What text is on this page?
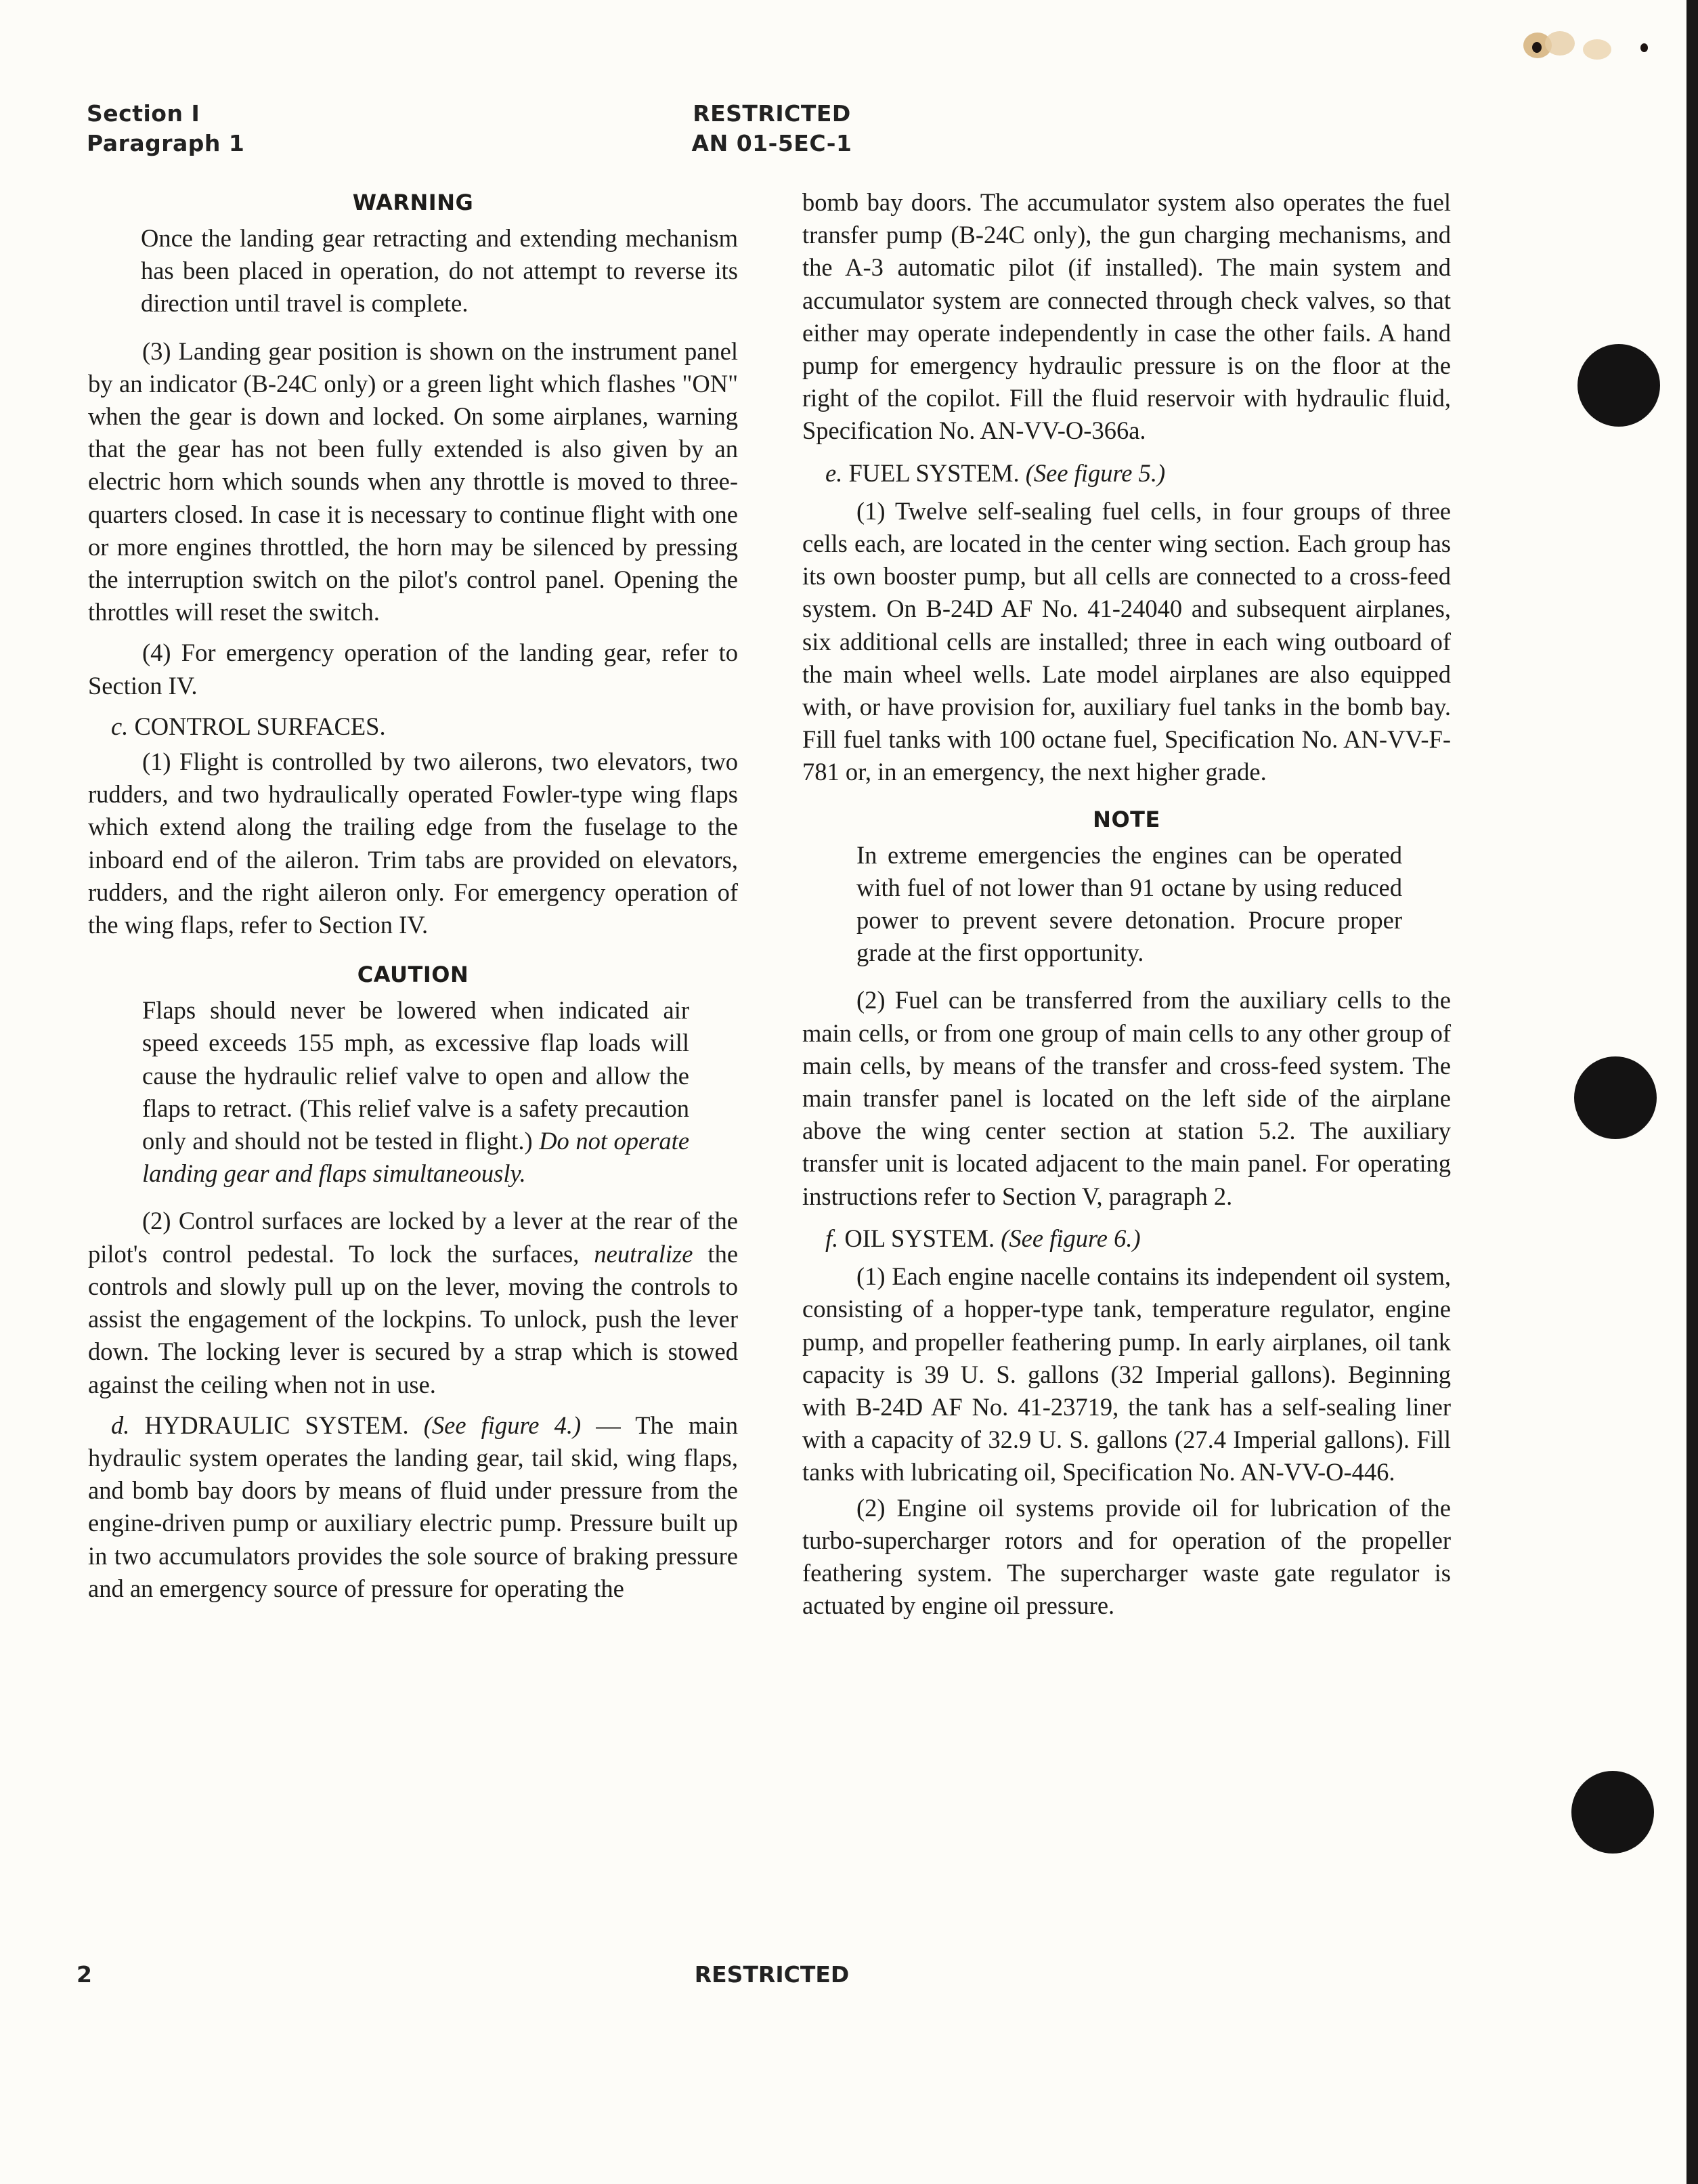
Section I
Paragraph 1
RESTRICTED
AN 01-5EC-1
WARNING

Once the landing gear retracting and extending mechanism has been placed in operation, do not attempt to reverse its direction until travel is complete.

(3) Landing gear position is shown on the instrument panel by an indicator (B-24C only) or a green light which flashes "ON" when the gear is down and locked. On some airplanes, warning that the gear has not been fully extended is also given by an electric horn which sounds when any throttle is moved to three-quarters closed. In case it is necessary to continue flight with one or more engines throttled, the horn may be silenced by pressing the interruption switch on the pilot's control panel. Opening the throttles will reset the switch.

(4) For emergency operation of the landing gear, refer to Section IV.

c. CONTROL SURFACES.

(1) Flight is controlled by two ailerons, two elevators, two rudders, and two hydraulically operated Fowler-type wing flaps which extend along the trailing edge from the fuselage to the inboard end of the aileron. Trim tabs are provided on elevators, rudders, and the right aileron only. For emergency operation of the wing flaps, refer to Section IV.

CAUTION

Flaps should never be lowered when indicated air speed exceeds 155 mph, as excessive flap loads will cause the hydraulic relief valve to open and allow the flaps to retract. (This relief valve is a safety precaution only and should not be tested in flight.) Do not operate landing gear and flaps simultaneously.

(2) Control surfaces are locked by a lever at the rear of the pilot's control pedestal. To lock the surfaces, neutralize the controls and slowly pull up on the lever, moving the controls to assist the engagement of the lockpins. To unlock, push the lever down. The locking lever is secured by a strap which is stowed against the ceiling when not in use.

d. HYDRAULIC SYSTEM. (See figure 4.) — The main hydraulic system operates the landing gear, tail skid, wing flaps, and bomb bay doors by means of fluid under pressure from the engine-driven pump or auxiliary electric pump. Pressure built up in two accumulators provides the sole source of braking pressure and an emergency source of pressure for operating the

bomb bay doors. The accumulator system also operates the fuel transfer pump (B-24C only), the gun charging mechanisms, and the A-3 automatic pilot (if installed). The main system and accumulator system are connected through check valves, so that either may operate independently in case the other fails. A hand pump for emergency hydraulic pressure is on the floor at the right of the copilot. Fill the fluid reservoir with hydraulic fluid, Specification No. AN-VV-O-366a.

e. FUEL SYSTEM. (See figure 5.)

(1) Twelve self-sealing fuel cells, in four groups of three cells each, are located in the center wing section. Each group has its own booster pump, but all cells are connected to a cross-feed system. On B-24D AF No. 41-24040 and subsequent airplanes, six additional cells are installed; three in each wing outboard of the main wheel wells. Late model airplanes are also equipped with, or have provision for, auxiliary fuel tanks in the bomb bay. Fill fuel tanks with 100 octane fuel, Specification No. AN-VV-F-781 or, in an emergency, the next higher grade.

NOTE

In extreme emergencies the engines can be operated with fuel of not lower than 91 octane by using reduced power to prevent severe detonation. Procure proper grade at the first opportunity.

(2) Fuel can be transferred from the auxiliary cells to the main cells, or from one group of main cells to any other group of main cells, by means of the transfer and cross-feed system. The main transfer panel is located on the left side of the airplane above the wing center section at station 5.2. The auxiliary transfer unit is located adjacent to the main panel. For operating instructions refer to Section V, paragraph 2.

f. OIL SYSTEM. (See figure 6.)

(1) Each engine nacelle contains its independent oil system, consisting of a hopper-type tank, temperature regulator, engine pump, and propeller feathering pump. In early airplanes, oil tank capacity is 39 U. S. gallons (32 Imperial gallons). Beginning with B-24D AF No. 41-23719, the tank has a self-sealing liner with a capacity of 32.9 U. S. gallons (27.4 Imperial gallons). Fill tanks with lubricating oil, Specification No. AN-VV-O-446.

(2) Engine oil systems provide oil for lubrication of the turbo-supercharger rotors and for operation of the propeller feathering system. The supercharger waste gate regulator is actuated by engine oil pressure.

2	RESTRICTED
